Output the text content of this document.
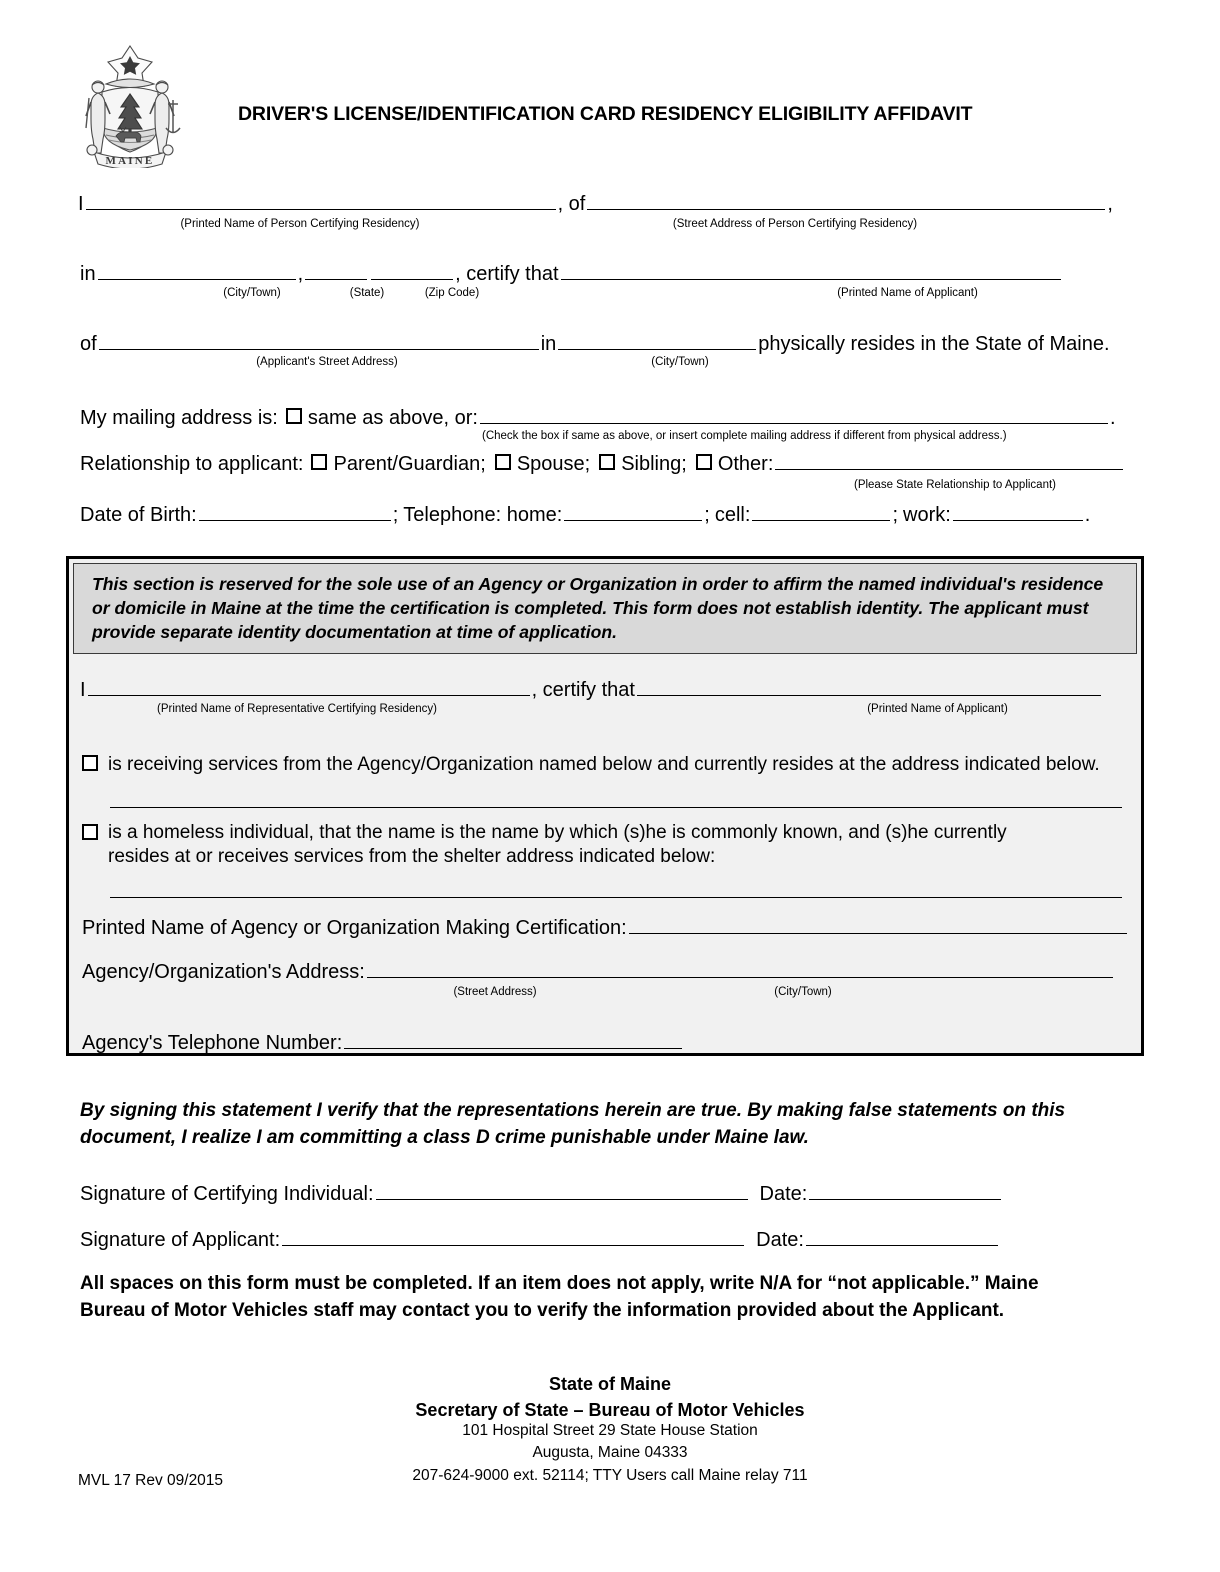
MAINE
DRIVER'S LICENSE/IDENTIFICATION CARD RESIDENCY ELIGIBILITY AFFIDAVIT
I	, of	,
(Printed Name of Person Certifying Residency)	(Street Address of Person Certifying Residency)
in	,	, certify that
(City/Town)	(State)	(Zip Code)	(Printed Name of Applicant)
of	in	physically resides in the State of Maine.
(Applicant's Street Address)	(City/Town)
My mailing address is: same as above, or:	.
(Check the box if same as above, or insert complete mailing address if different from physical address.)
Relationship to applicant: Parent/Guardian; Spouse; Sibling; Other:
(Please State Relationship to Applicant)
Date of Birth:	; Telephone: home:	; cell:	; work:	.

This section is reserved for the sole use of an Agency or Organization in order to affirm the named individual's residence or domicile in Maine at the time the certification is completed. This form does not establish identity. The applicant must provide separate identity documentation at time of application.

I	, certify that
(Printed Name of Representative Certifying Residency)	(Printed Name of Applicant)
is receiving services from the Agency/Organization named below and currently resides at the address indicated below.
is a homeless individual, that the name is the name by which (s)he is commonly known, and (s)he currently resides at or receives services from the shelter address indicated below:
Printed Name of Agency or Organization Making Certification:
Agency/Organization's Address:
(Street Address)	(City/Town)
Agency's Telephone Number:
By signing this statement I verify that the representations herein are true. By making false statements on this document, I realize I am committing a class D crime punishable under Maine law.
Signature of Certifying Individual:	Date:
Signature of Applicant:	Date:
All spaces on this form must be completed. If an item does not apply, write N/A for “not applicable.” Maine Bureau of Motor Vehicles staff may contact you to verify the information provided about the Applicant.
State of Maine
Secretary of State – Bureau of Motor Vehicles
101 Hospital Street 29 State House Station
Augusta, Maine 04333
207-624-9000 ext. 52114; TTY Users call Maine relay 711
MVL 17 Rev 09/2015
